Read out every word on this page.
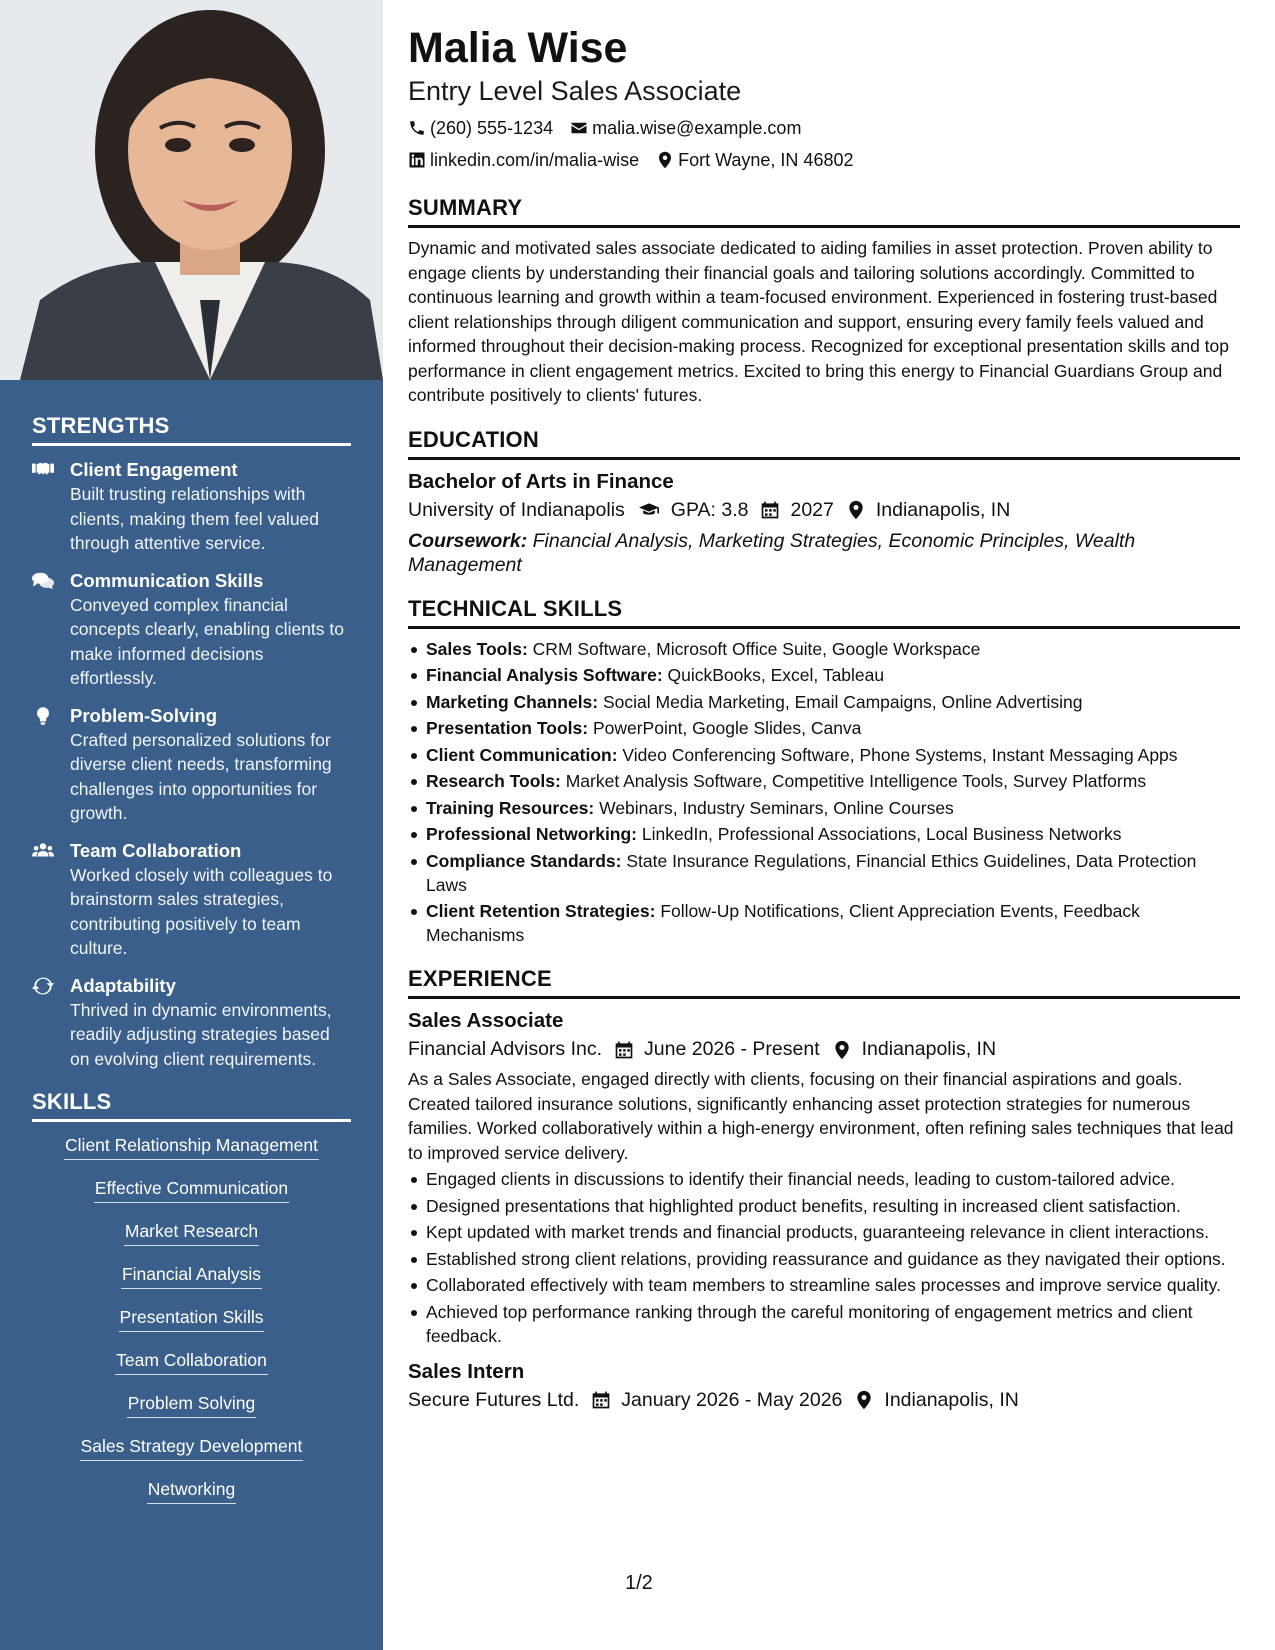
STRENGTHS
Client Engagement
Built trusting relationships with clients, making them feel valued through attentive service.
Communication Skills
Conveyed complex financial concepts clearly, enabling clients to make informed decisions effortlessly.
Problem-Solving
Crafted personalized solutions for diverse client needs, transforming challenges into opportunities for growth.
Team Collaboration
Worked closely with colleagues to brainstorm sales strategies, contributing positively to team culture.
Adaptability
Thrived in dynamic environments, readily adjusting strategies based on evolving client requirements.
SKILLS
Client Relationship Management
Effective Communication
Market Research
Financial Analysis
Presentation Skills
Team Collaboration
Problem Solving
Sales Strategy Development
Networking
Malia Wise
Entry Level Sales Associate
(260) 555-1234 malia.wise@example.com
linkedin.com/in/malia-wise Fort Wayne, IN 46802
SUMMARY
Dynamic and motivated sales associate dedicated to aiding families in asset protection. Proven ability to engage clients by understanding their financial goals and tailoring solutions accordingly. Committed to continuous learning and growth within a team-focused environment. Experienced in fostering trust-based client relationships through diligent communication and support, ensuring every family feels valued and informed throughout their decision-making process. Recognized for exceptional presentation skills and top performance in client engagement metrics. Excited to bring this energy to Financial Guardians Group and contribute positively to clients' futures.
EDUCATION
Bachelor of Arts in Finance
University of Indianapolis GPA: 3.8 2027 Indianapolis, IN
Coursework: Financial Analysis, Marketing Strategies, Economic Principles, Wealth Management
TECHNICAL SKILLS
Sales Tools: CRM Software, Microsoft Office Suite, Google Workspace
Financial Analysis Software: QuickBooks, Excel, Tableau
Marketing Channels: Social Media Marketing, Email Campaigns, Online Advertising
Presentation Tools: PowerPoint, Google Slides, Canva
Client Communication: Video Conferencing Software, Phone Systems, Instant Messaging Apps
Research Tools: Market Analysis Software, Competitive Intelligence Tools, Survey Platforms
Training Resources: Webinars, Industry Seminars, Online Courses
Professional Networking: LinkedIn, Professional Associations, Local Business Networks
Compliance Standards: State Insurance Regulations, Financial Ethics Guidelines, Data Protection Laws
Client Retention Strategies: Follow-Up Notifications, Client Appreciation Events, Feedback Mechanisms
EXPERIENCE
Sales Associate
Financial Advisors Inc. June 2026 - Present Indianapolis, IN
As a Sales Associate, engaged directly with clients, focusing on their financial aspirations and goals. Created tailored insurance solutions, significantly enhancing asset protection strategies for numerous families. Worked collaboratively within a high-energy environment, often refining sales techniques that lead to improved service delivery.
Engaged clients in discussions to identify their financial needs, leading to custom-tailored advice.
Designed presentations that highlighted product benefits, resulting in increased client satisfaction.
Kept updated with market trends and financial products, guaranteeing relevance in client interactions.
Established strong client relations, providing reassurance and guidance as they navigated their options.
Collaborated effectively with team members to streamline sales processes and improve service quality.
Achieved top performance ranking through the careful monitoring of engagement metrics and client feedback.
Sales Intern
Secure Futures Ltd. January 2026 - May 2026 Indianapolis, IN
1/2
